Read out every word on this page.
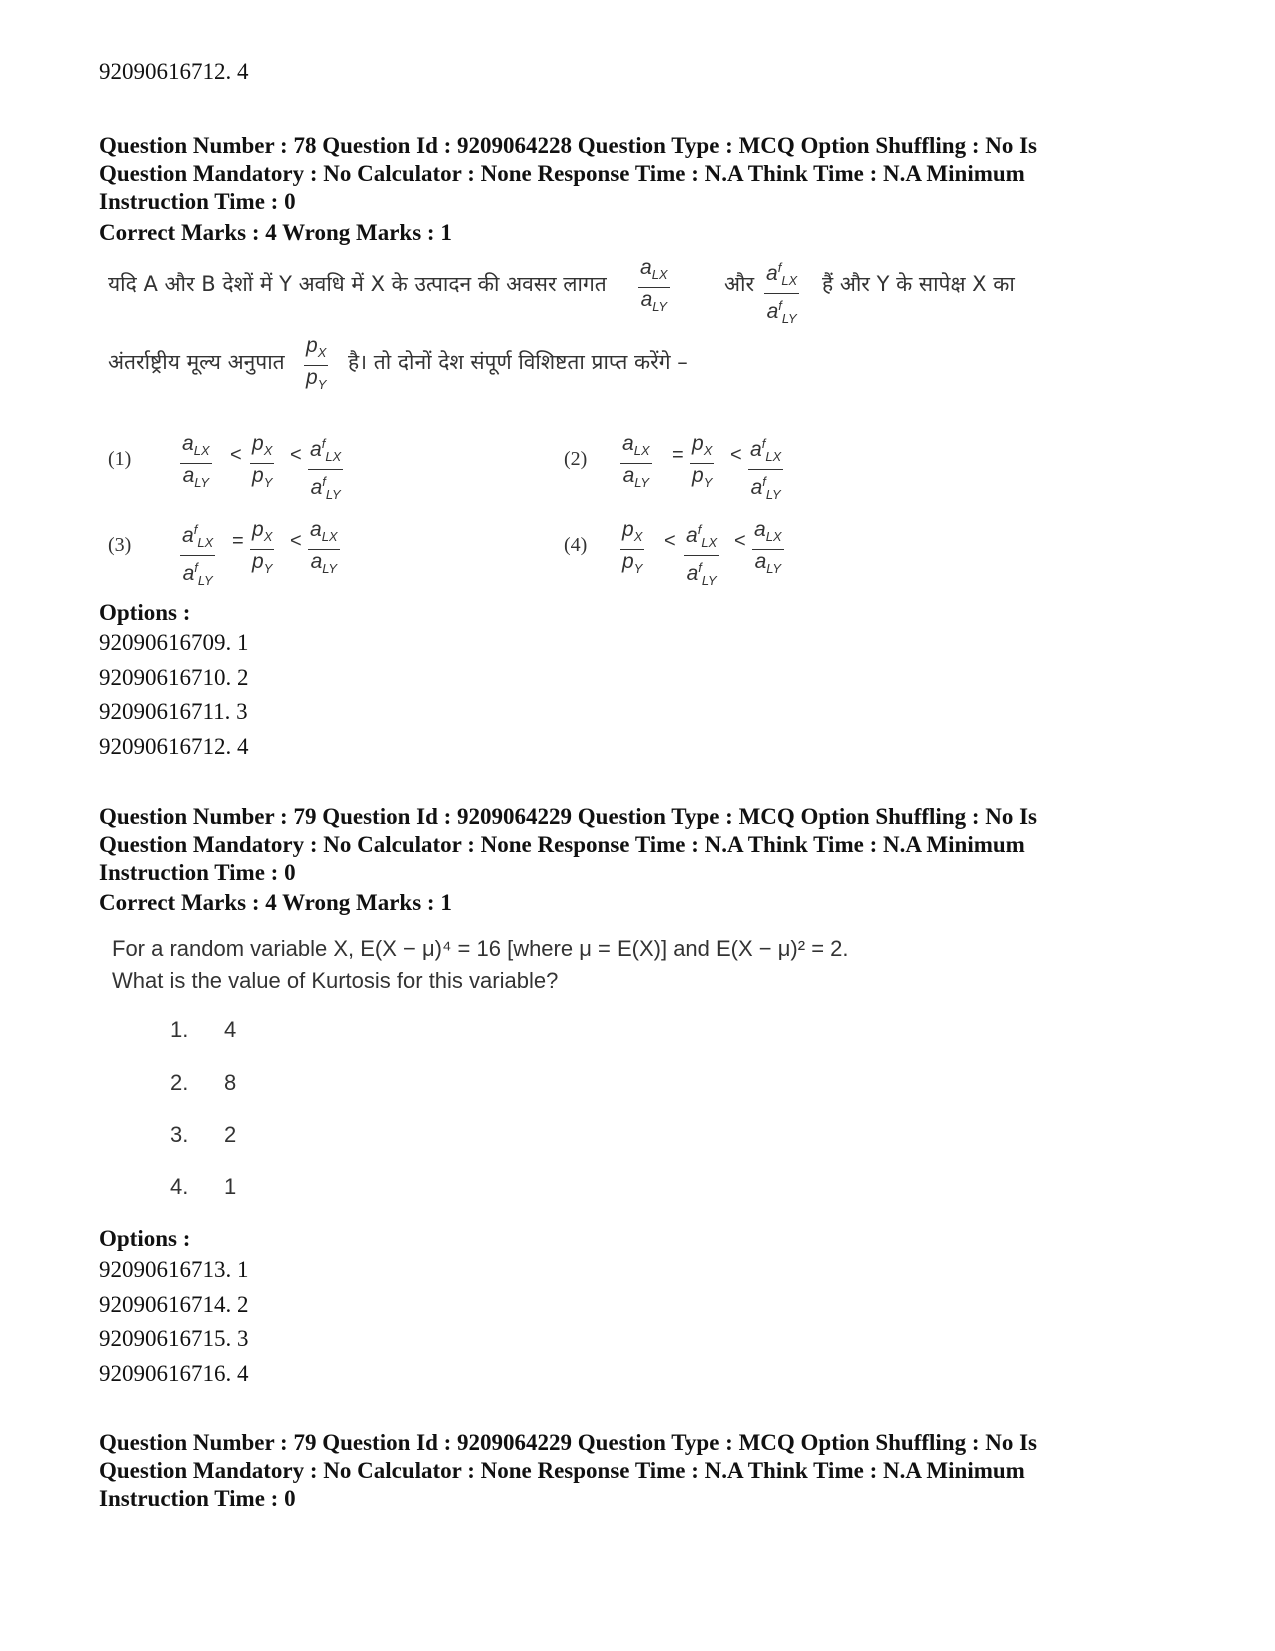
92090616712. 4
Question Number : 78 Question Id : 9209064228 Question Type : MCQ Option Shuffling : No Is
Question Mandatory : No Calculator : None Response Time : N.A Think Time : N.A Minimum
Instruction Time : 0
Correct Marks : 4 Wrong Marks : 1
यदि A और B देशों में Y अवधि में X के उत्पादन की अवसर लागत
$a_{LX}$
$a_{LY}$
और $a^f_{LX}$
$a^f_{LY}$
हैं और Y के सापेक्ष X का
अंतर्राष्ट्रीय मूल्य अनुपात $\frac{p_X}{p_Y}$ है। तो दोनों देश संपूर्ण विशिष्टता प्राप्त करेंगे –
(1)
$a_{LX}$
$a_{LY}$
< $\frac{p_X}{p_Y} < a^f_{LX}$
$a^f_{LY}$
(2)
$a_{LX}$
$a_{LY}$
= $\frac{p_X}{p_Y} < a^f_{LX}$
$a^f_{LY}$
(3) $a^f_{LX}$
$a^f_{LY}$
= $\frac{p_X}{p_Y} < a_{LX}$
$a_{LY}$
$(4) \frac{p_X}{p_Y} < a^f_{LX}$
$a^f_{LY}$
< $a_{LX}$
$a_{LY}$
Options :
92090616709. 1
92090616710. 2
92090616711. 3
92090616712. 4
Question Number : 79 Question Id : 9209064229 Question Type : MCQ Option Shuffling : No Is
Question Mandatory : No Calculator : None Response Time : N.A Think Time : N.A Minimum
Instruction Time : 0
Correct Marks : 4 Wrong Marks : 1
For a random variable X, E(X − μ)⁴ = 16 [where μ = E(X)] and E(X − μ)² = 2.
What is the value of Kurtosis for this variable?
1. 4
2. 8
3. 2
4. 1
Options :
92090616713. 1
92090616714. 2
92090616715. 3
92090616716. 4
Question Number : 79 Question Id : 9209064229 Question Type : MCQ Option Shuffling : No Is
Question Mandatory : No Calculator : None Response Time : N.A Think Time : N.A Minimum
Instruction Time : 0
